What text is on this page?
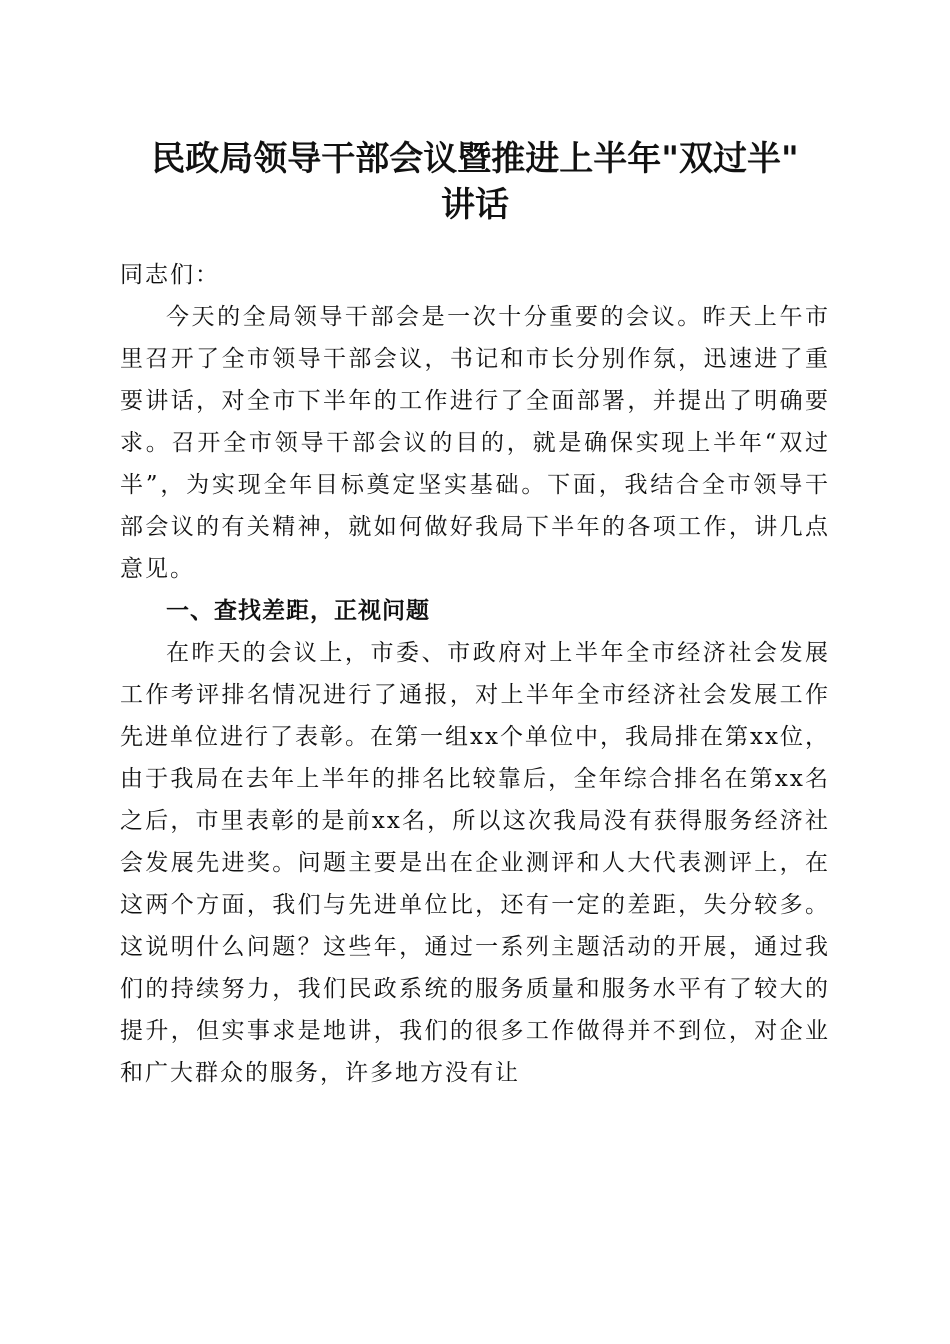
民政局领导干部会议暨推进上半年"双过半"
讲话

同志们：

今天的全局领导干部会是一次十分重要的会议。昨天上午市里召开了全市领导干部会议，书记和市长分别作氛，迅速进了重要讲话，对全市下半年的工作进行了全面部署，并提出了明确要求。召开全市领导干部会议的目的，就是确保实现上半年“双过半”，为实现全年目标奠定坚实基础。下面，我结合全市领导干部会议的有关精神，就如何做好我局下半年的各项工作，讲几点意见。

一、查找差距，正视问题

在昨天的会议上，市委、市政府对上半年全市经济社会发展工作考评排名情况进行了通报，对上半年全市经济社会发展工作先进单位进行了表彰。在第一组xx个单位中，我局排在第xx位，由于我局在去年上半年的排名比较靠后，全年综合排名在第xx名之后，市里表彰的是前xx名，所以这次我局没有获得服务经济社会发展先进奖。问题主要是出在企业测评和人大代表测评上，在这两个方面，我们与先进单位比，还有一定的差距，失分较多。这说明什么问题？这些年，通过一系列主题活动的开展，通过我们的持续努力，我们民政系统的服务质量和服务水平有了较大的提升，但实事求是地讲，我们的很多工作做得并不到位，对企业和广大群众的服务，许多地方没有让
